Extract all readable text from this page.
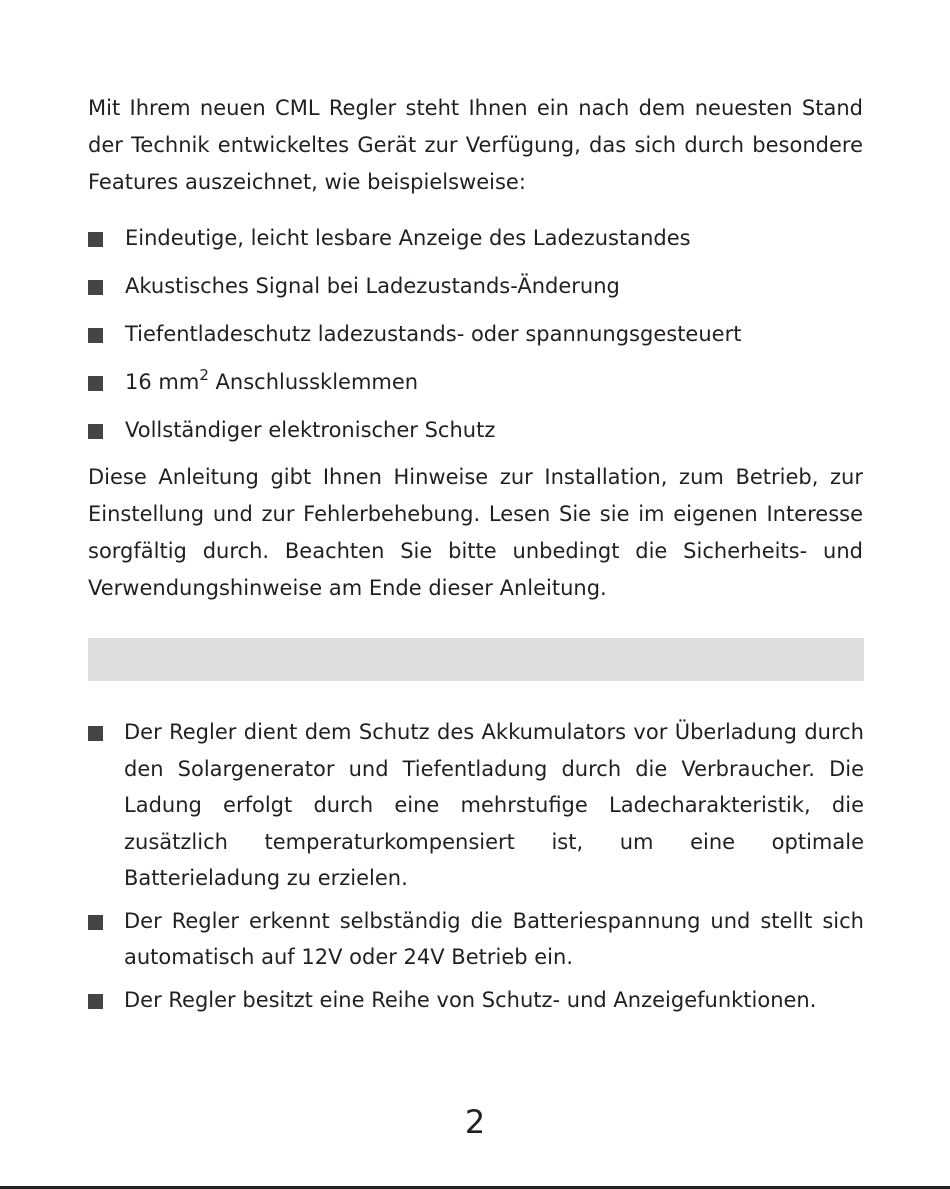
Mit Ihrem neuen CML Regler steht Ihnen ein nach dem neuesten Stand der Technik entwickeltes Gerät zur Verfügung, das sich durch besondere Features auszeichnet, wie beispielsweise:

Eindeutige, leicht lesbare Anzeige des Ladezustandes
Akustisches Signal bei Ladezustands-Änderung
Tiefentladeschutz ladezustands- oder spannungsgesteuert
16 $mm^2$ Anschlussklemmen
Vollständiger elektronischer Schutz

Diese Anleitung gibt Ihnen Hinweise zur Installation, zum Betrieb, zur Einstellung und zur Fehlerbehebung. Lesen Sie sie im eigenen Interesse sorgfältig durch. Beachten Sie bitte unbedingt die Sicherheits- und Verwendungshinweise am Ende dieser Anleitung.

Der Regler dient dem Schutz des Akkumulators vor Überladung durch den Solargenerator und Tiefentladung durch die Verbraucher. Die Ladung erfolgt durch eine mehrstufige Ladecharakteristik, die zusätzlich temperaturkompensiert ist, um eine optimale Batterieladung zu erzielen.
Der Regler erkennt selbständig die Batteriespannung und stellt sich automatisch auf 12V oder 24V Betrieb ein.
Der Regler besitzt eine Reihe von Schutz- und Anzeigefunktionen.
2
